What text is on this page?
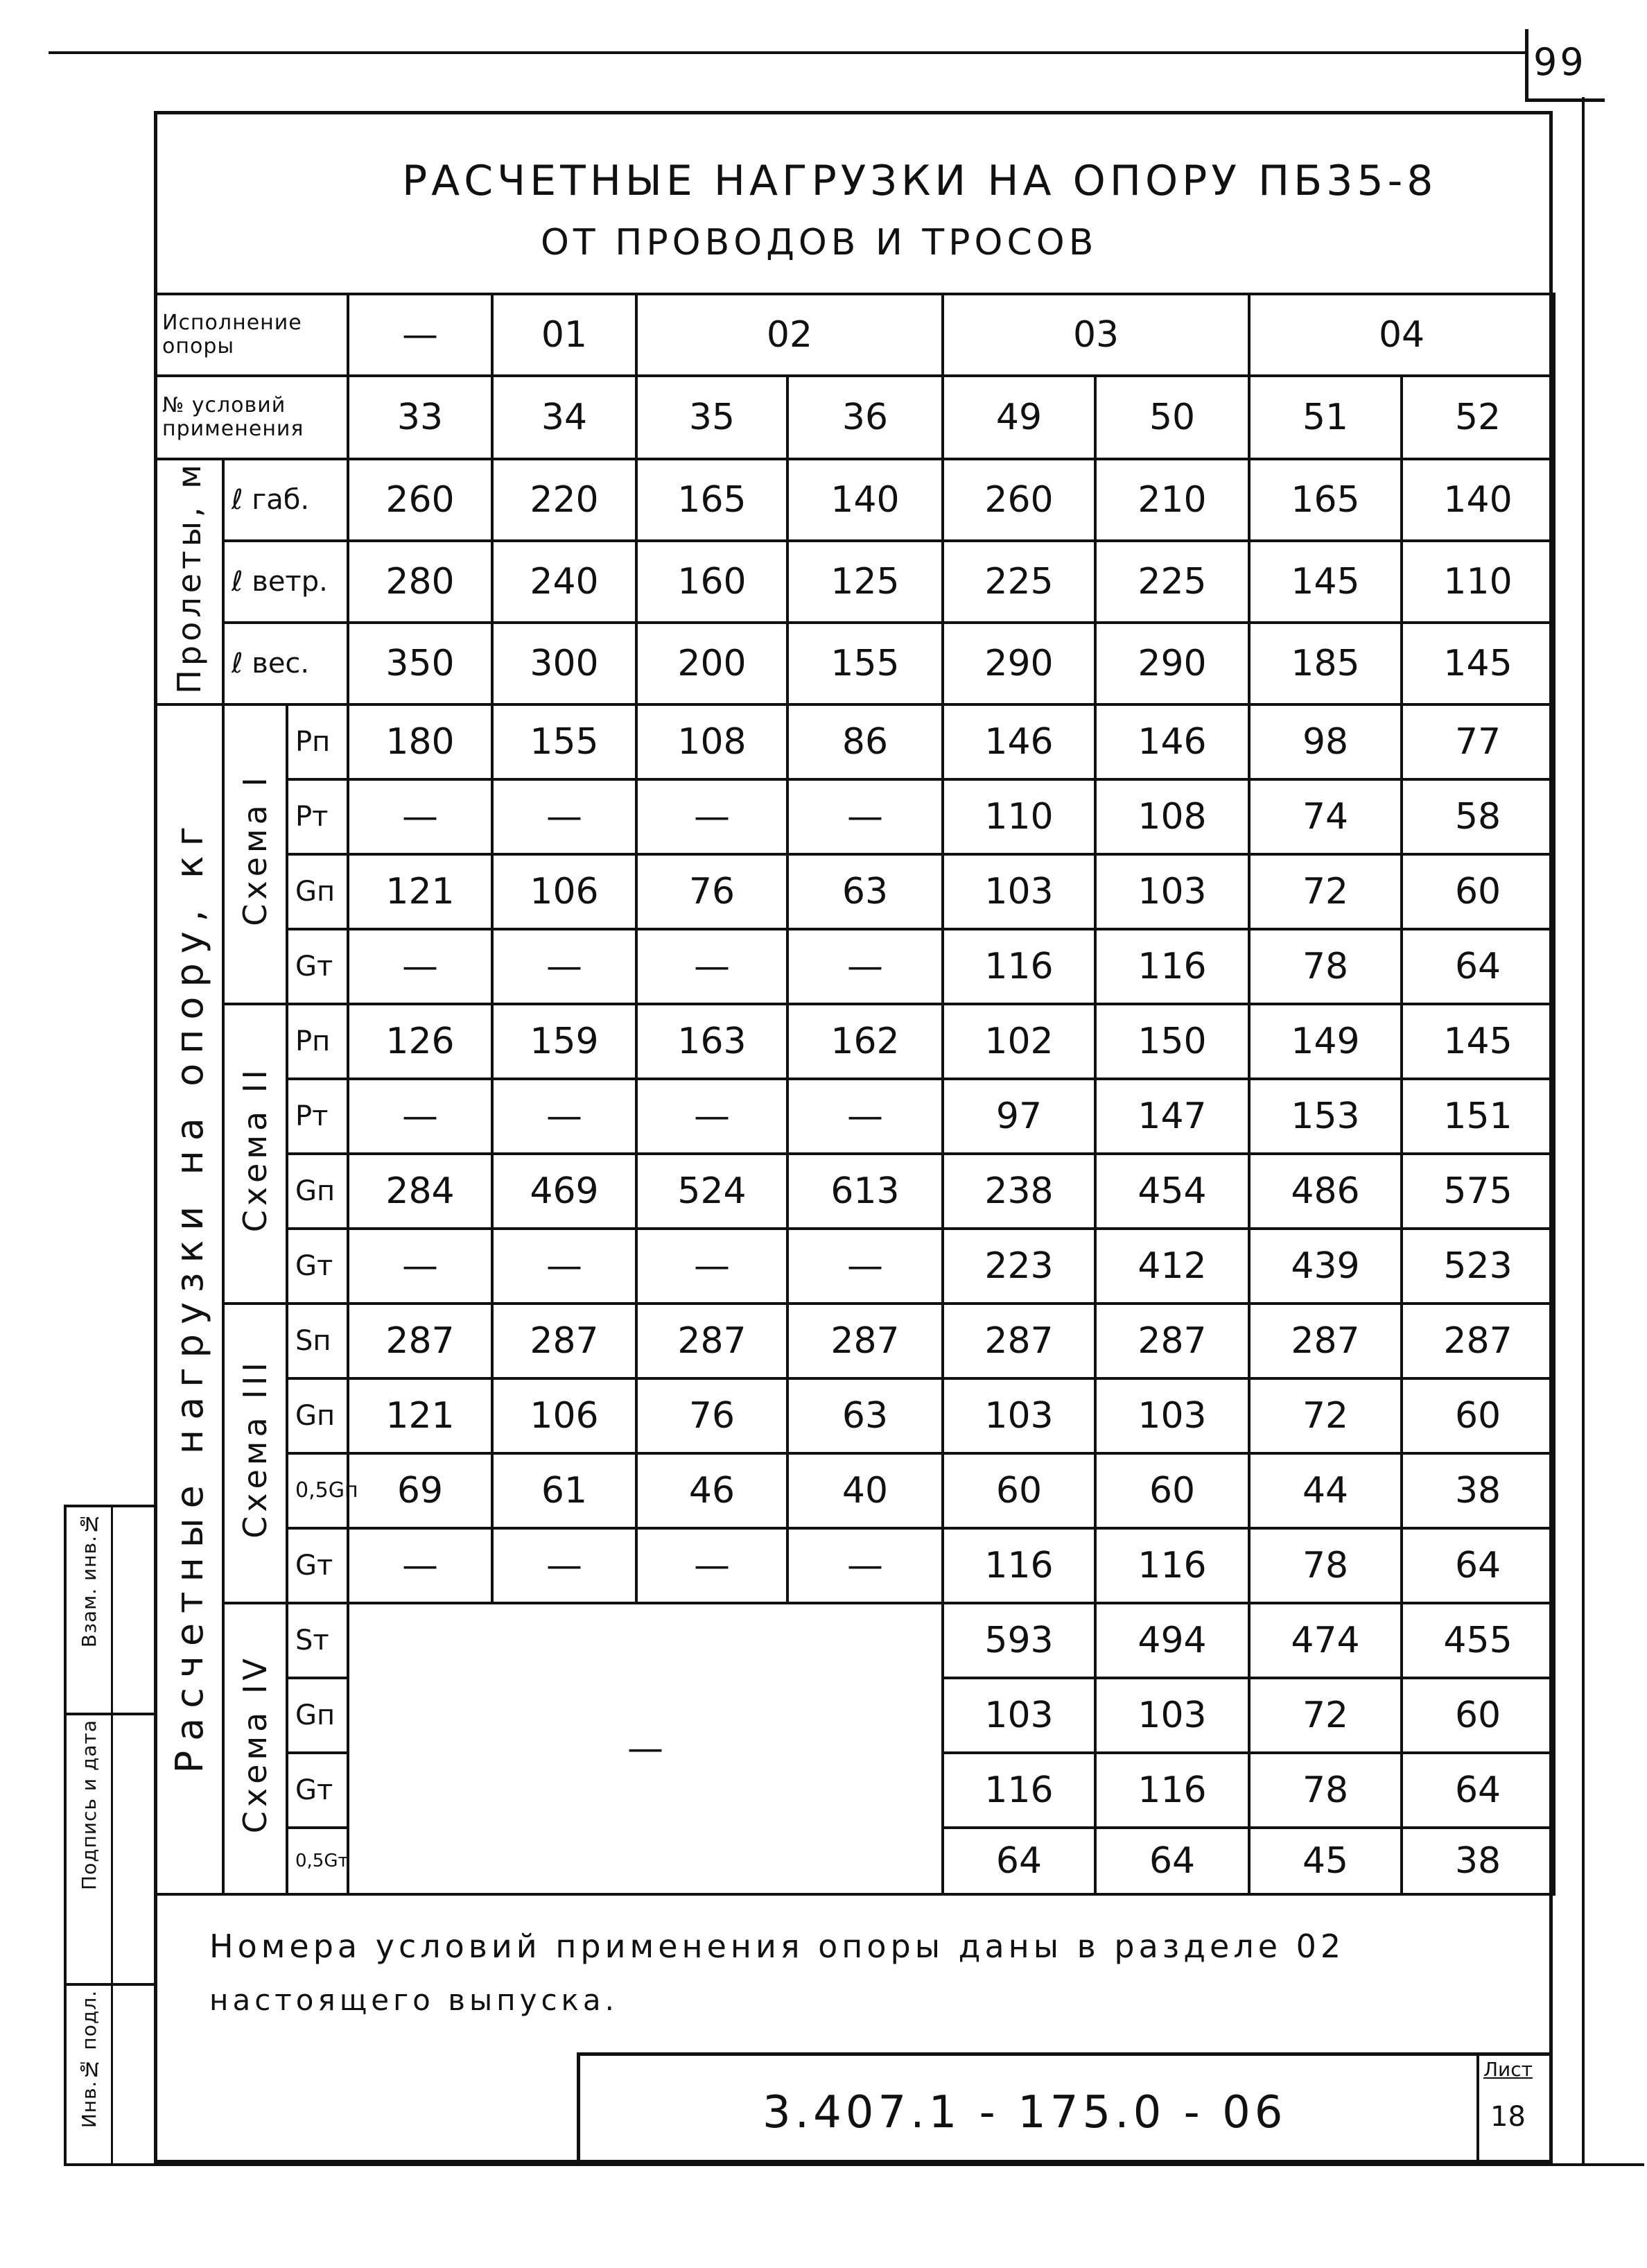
99
РАСЧЕТНЫЕ НАГРУЗКИ НА ОПОРУ ПБ35-8
ОТ ПРОВОДОВ И ТРОСОВ
Исполнение опоры			—	01	02		03		04	
№ условий применения			33	34	35	36	49	50	51	52
Пролеты, м	ℓ габ.		260	220	165	140	260	210	165	140
	ℓ ветр.		280	240	160	125	225	225	145	110
	ℓ вес.		350	300	200	155	290	290	185	145
Расчетные нагрузки на опору, кг	Схема I	Pп	180	155	108	86	146	146	98	77
		Pт	—	—	—	—	110	108	74	58
		Gп	121	106	76	63	103	103	72	60
		Gт	—	—	—	—	116	116	78	64
	Схема II	Pп	126	159	163	162	102	150	149	145
		Pт	—	—	—	—	97	147	153	151
		Gп	284	469	524	613	238	454	486	575
		Gт	—	—	—	—	223	412	439	523
	Схема III	Sп	287	287	287	287	287	287	287	287
		Gп	121	106	76	63	103	103	72	60
		0,5Gп	69	61	46	40	60	60	44	38
		Gт	—	—	—	—	116	116	78	64
	Схема IV	Sт	—				593	494	474	455
		Gп					103	103	72	60
		Gт					116	116	78	64
		0,5Gт					64	64	45	38
Номера условий применения опоры даны в разделе 02
настоящего выпуска.
3.407.1 - 175.0 - 06
Лист
18
Взам. инв.№
Подпись и дата
Инв.№ подл.
